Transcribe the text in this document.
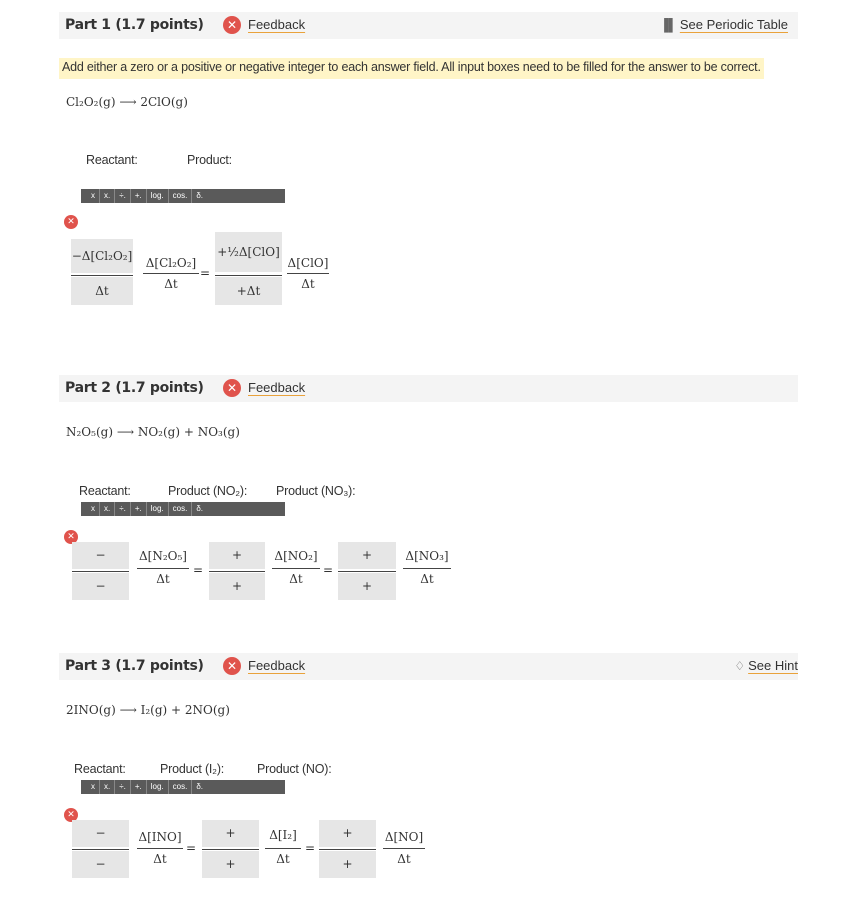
Part 1 (1.7 points)	✕ Feedback	▐▌ See Periodic Table
Add either a zero or a positive or negative integer to each answer field. All input boxes need to be filled for the answer to be correct.
Cl₂O₂(g) ⟶ 2ClO(g)
Reactant:	Product:
x x. ÷. +. log. cos. δ.
✕
−Δ[Cl₂O₂]
Δt
Δ[Cl₂O₂]
Δt
=
+½Δ[ClO]
+Δt
Δ[ClO]
Δt
Part 2 (1.7 points)	✕ Feedback
N₂O₅(g) ⟶ NO₂(g) + NO₃(g)
Reactant:	Product (NO₂): Product (NO₃):
x x. ÷. +. log. cos. δ.
✕
−
−
Δ[N₂O₅]
Δt
=
+
+
Δ[NO₂]
Δt
=
+
+
Δ[NO₃]
Δt
Part 3 (1.7 points)	✕ Feedback	♢ See Hint
2INO(g) ⟶ I₂(g) + 2NO(g)
Reactant:	Product (I₂):	Product (NO):
x x. ÷. +. log. cos. δ.
✕
−
−
Δ[INO]
Δt
=
+
+
Δ[I₂]
Δt
=
+
+
Δ[NO]
Δt
